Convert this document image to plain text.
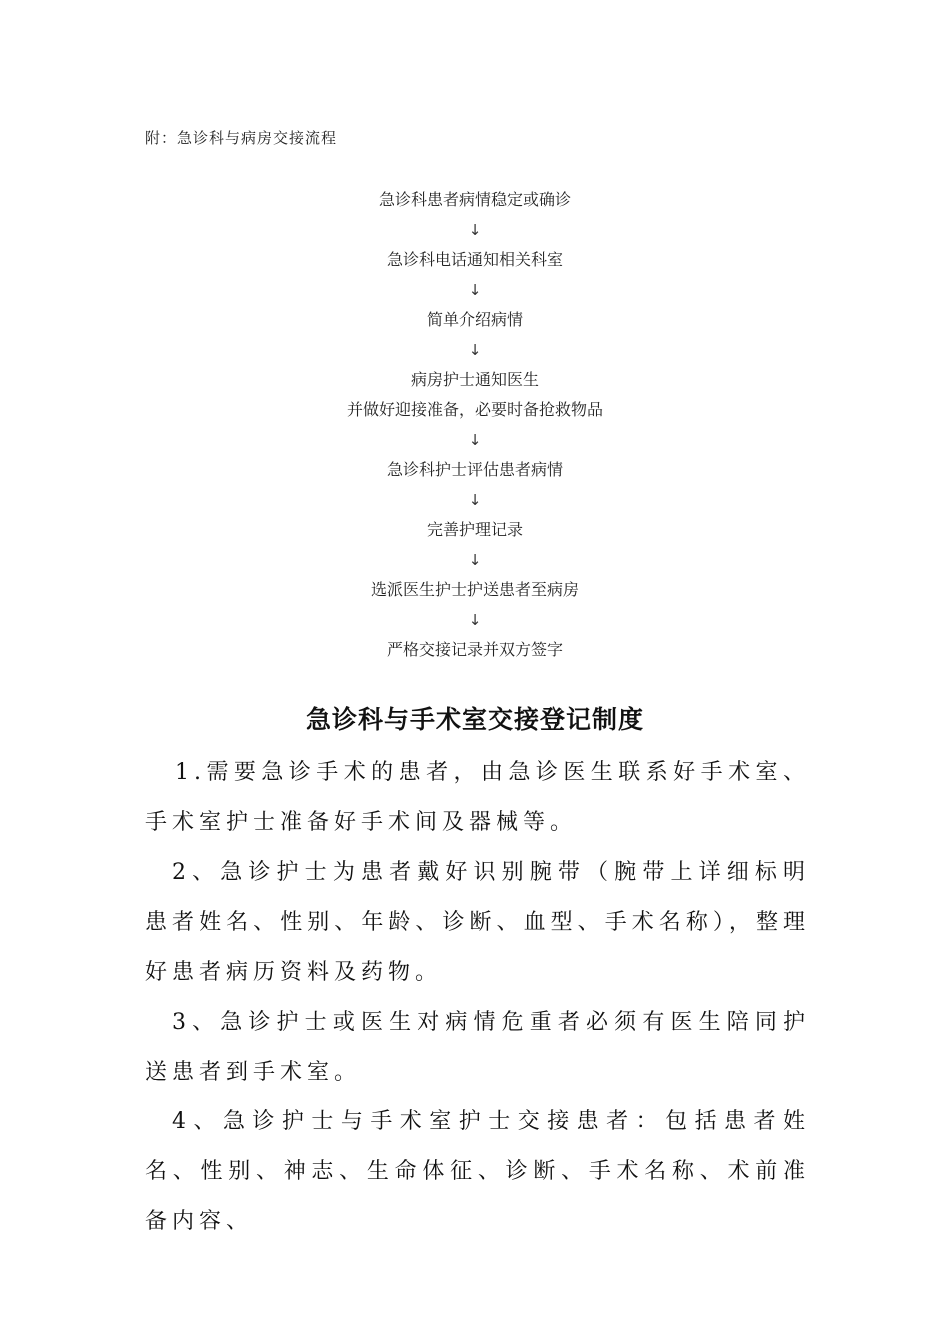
附：急诊科与病房交接流程
急诊科患者病情稳定或确诊
↓
急诊科电话通知相关科室
↓
简单介绍病情
↓
病房护士通知医生
并做好迎接准备，必要时备抢救物品
↓
急诊科护士评估患者病情
↓
完善护理记录
↓
选派医生护士护送患者至病房
↓
严格交接记录并双方签字
急诊科与手术室交接登记制度

1.需要急诊手术的患者，由急诊医生联系好手术室、手术室护士准备好手术间及器械等。

2、急诊护士为患者戴好识别腕带（腕带上详细标明患者姓名、性别、年龄、诊断、血型、手术名称），整理好患者病历资料及药物。

3、急诊护士或医生对病情危重者必须有医生陪同护送患者到手术室。

4、急诊护士与手术室护士交接患者：包括患者姓名、性别、神志、生命体征、诊断、手术名称、术前准备内容、
